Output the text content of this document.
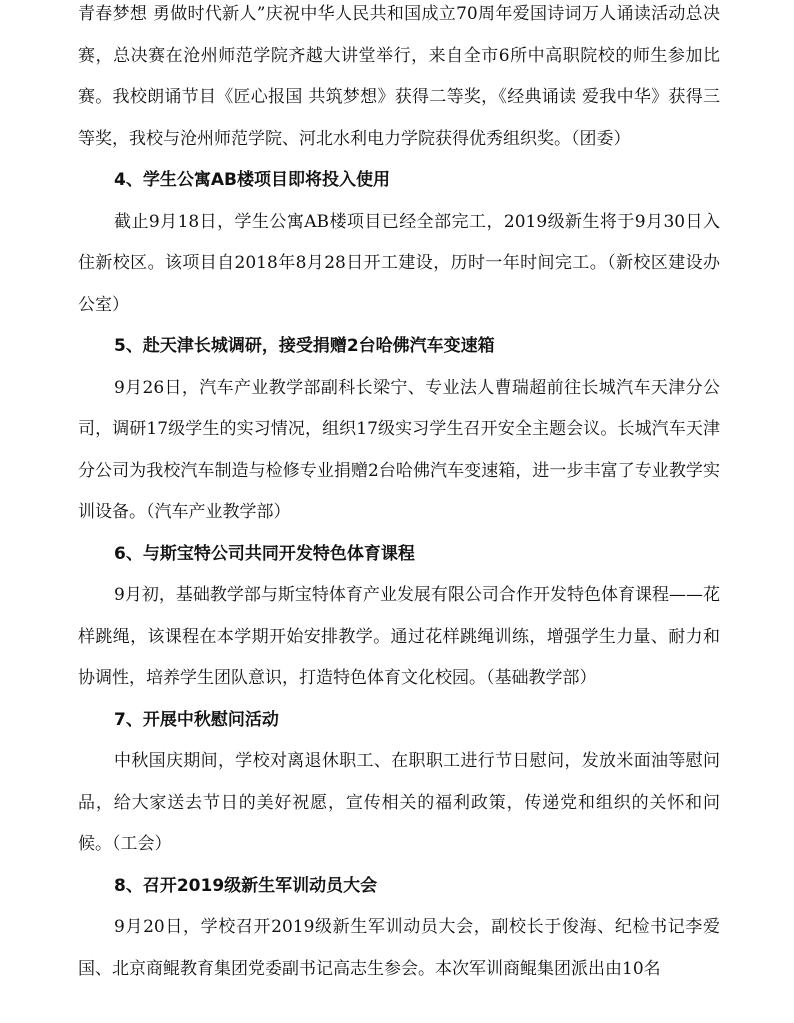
青春梦想 勇做时代新人”庆祝中华人民共和国成立70周年爱国诗词万人诵读活动总决赛，总决赛在沧州师范学院齐越大讲堂举行，来自全市6所中高职院校的师生参加比赛。我校朗诵节目《匠心报国 共筑梦想》获得二等奖，《经典诵读 爱我中华》获得三等奖，我校与沧州师范学院、河北水利电力学院获得优秀组织奖。（团委）

4、学生公寓AB楼项目即将投入使用

截止9月18日，学生公寓AB楼项目已经全部完工，2019级新生将于9月30日入住新校区。该项目自2018年8月28日开工建设，历时一年时间完工。（新校区建设办公室）

5、赴天津长城调研，接受捐赠2台哈佛汽车变速箱

9月26日，汽车产业教学部副科长梁宁、专业法人曹瑞超前往长城汽车天津分公司，调研17级学生的实习情况，组织17级实习学生召开安全主题会议。长城汽车天津分公司为我校汽车制造与检修专业捐赠2台哈佛汽车变速箱，进一步丰富了专业教学实训设备。（汽车产业教学部）

6、与斯宝特公司共同开发特色体育课程

9月初，基础教学部与斯宝特体育产业发展有限公司合作开发特色体育课程——花样跳绳，该课程在本学期开始安排教学。通过花样跳绳训练，增强学生力量、耐力和协调性，培养学生团队意识，打造特色体育文化校园。（基础教学部）

7、开展中秋慰问活动

中秋国庆期间，学校对离退休职工、在职职工进行节日慰问，发放米面油等慰问品，给大家送去节日的美好祝愿，宣传相关的福利政策，传递党和组织的关怀和问候。（工会）

8、召开2019级新生军训动员大会

9月20日，学校召开2019级新生军训动员大会，副校长于俊海、纪检书记李爱国、北京商鲲教育集团党委副书记高志生参会。本次军训商鲲集团派出由10名
